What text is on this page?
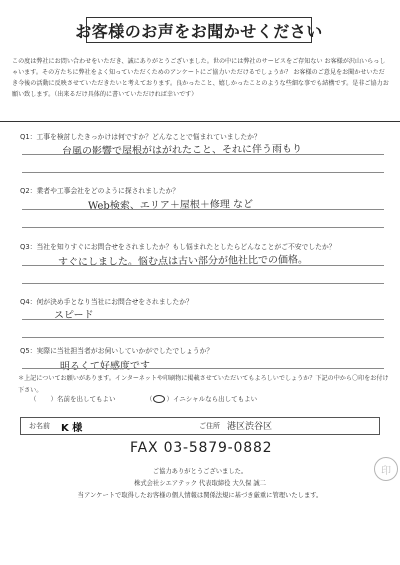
お客様のお声をお聞かせください

この度は弊社にお問い合わせをいただき、誠にありがとうございました。世の中には弊社のサービスをご存知ない お客様が沢山いらっしゃいます。その方たちに弊社をよく知っていただくためのアンケートにご協力いただけるでしょうか？ お客様のご意見をお聞かせいただき今後の活動に反映させていただきたいと考えております。良かったこと、嬉しかったことのような些細な事でも結構です。是非ご協力お願い致します。（出来るだけ具体的に書いていただければ幸いです）

Q1：工事を検討したきっかけは何ですか？どんなことで悩まれていましたか？
台風の影響で屋根がはがれたこと、それに伴う雨もり
Q2：業者や工事会社をどのように探されましたか？
Web検索、エリア＋屋根＋修理 など
Q3：当社を知りすぐにお問合せをされましたか？もし悩まれたとしたらどんなことがご不安でしたか？
すぐにしました。悩む点は古い部分が他社比での価格。
Q4：何が決め手となり当社にお問合せをされましたか？
スピード
Q5：実際に当社担当者がお伺いしていかがでしたでしょうか？
明るくて好感度です

＊上記についてお願いがあります。インターネットや印刷物に掲載させていただいてもよろしいでしょうか？下記の中から〇印をお付け下さい。

（ ）名前を出してもよい	（ ）イニシャルなら出してもよい
お名前 K 様	ご住所 港区渋谷区
FAX 03-5879-0882
ご協力ありがとうございました。
株式会社シエアテック 代表取締役 大久保 誠二
当アンケートで取得したお客様の個人情報は関係法規に基づき厳重に管理いたします。
印
